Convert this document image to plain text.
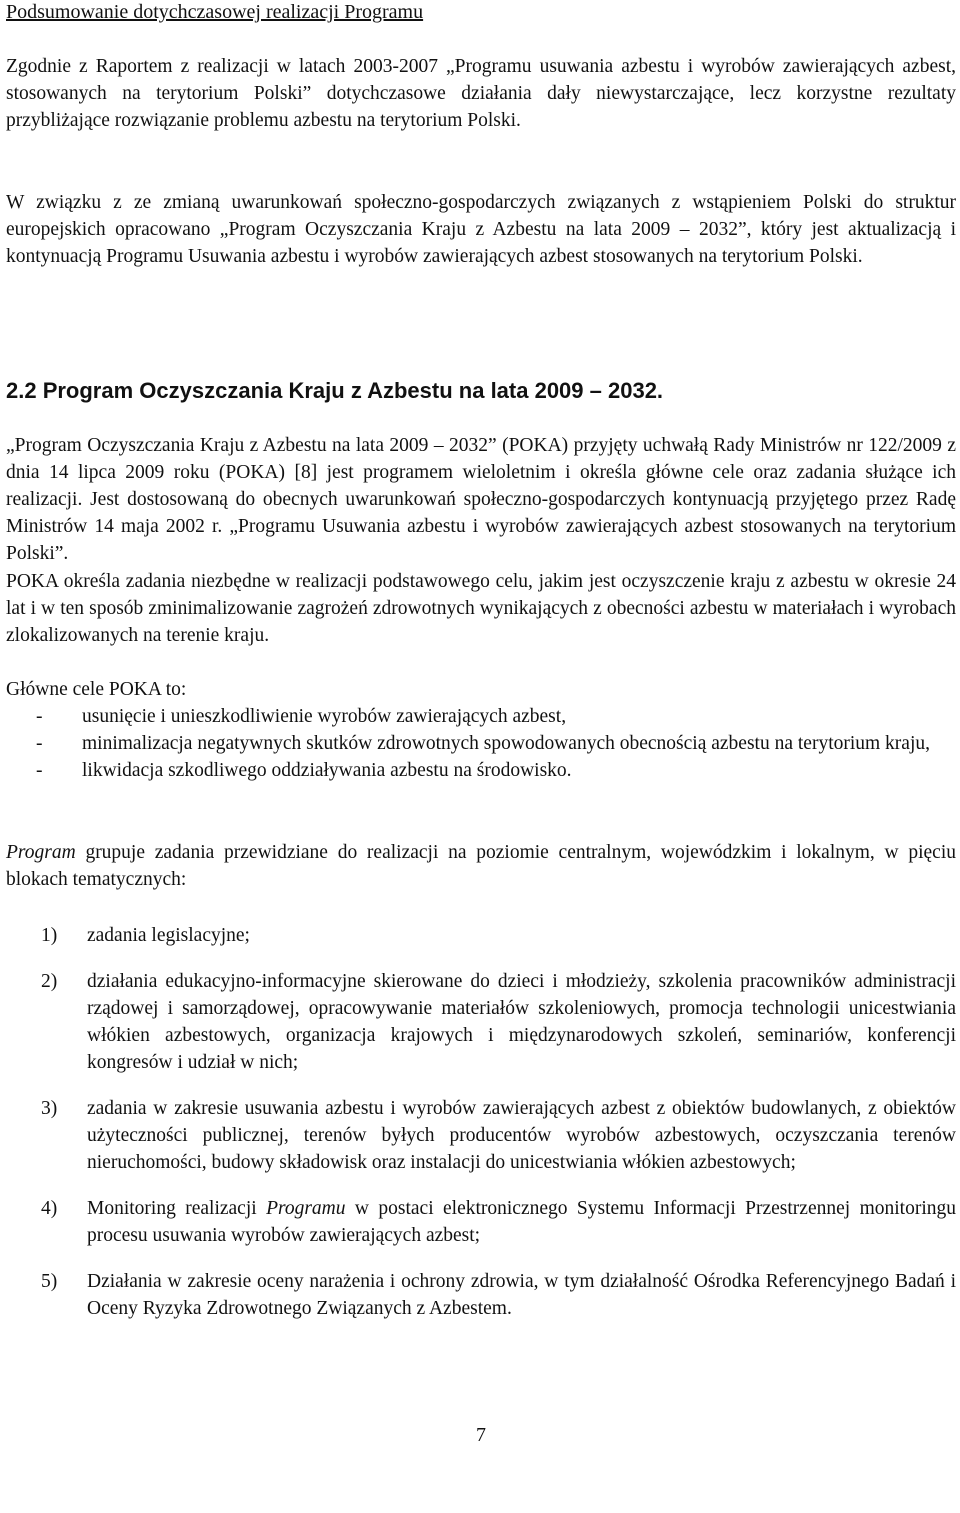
Podsumowanie dotychczasowej realizacji Programu

Zgodnie z Raportem z realizacji w latach 2003-2007 „Programu usuwania azbestu i wyrobów zawierających azbest, stosowanych na terytorium Polski” dotychczasowe działania dały niewystarczające, lecz korzystne rezultaty przybliżające rozwiązanie problemu azbestu na terytorium Polski.

W związku z ze zmianą uwarunkowań społeczno-gospodarczych związanych z wstąpieniem Polski do struktur europejskich opracowano „Program Oczyszczania Kraju z Azbestu na lata 2009 – 2032”, który jest aktualizacją i kontynuacją Programu Usuwania azbestu i wyrobów zawierających azbest stosowanych na terytorium Polski.

2.2 Program Oczyszczania Kraju z Azbestu na lata 2009 – 2032.

„Program Oczyszczania Kraju z Azbestu na lata 2009 – 2032” (POKA) przyjęty uchwałą Rady Ministrów nr 122/2009 z dnia 14 lipca 2009 roku (POKA) [8] jest programem wieloletnim i określa główne cele oraz zadania służące ich realizacji. Jest dostosowaną do obecnych uwarunkowań społeczno-gospodarczych kontynuacją przyjętego przez Radę Ministrów 14 maja 2002 r. „Programu Usuwania azbestu i wyrobów zawierających azbest stosowanych na terytorium Polski”.

POKA określa zadania niezbędne w realizacji podstawowego celu, jakim jest oczyszczenie kraju z azbestu w okresie 24 lat i w ten sposób zminimalizowanie zagrożeń zdrowotnych wynikających z obecności azbestu w materiałach i wyrobach zlokalizowanych na terenie kraju.

Główne cele POKA to:

- usunięcie i unieszkodliwienie wyrobów zawierających azbest,
- minimalizacja negatywnych skutków zdrowotnych spowodowanych obecnością azbestu na terytorium kraju,
- likwidacja szkodliwego oddziaływania azbestu na środowisko.

Program grupuje zadania przewidziane do realizacji na poziomie centralnym, wojewódzkim i lokalnym, w pięciu blokach tematycznych:

1) zadania legislacyjne;
2) działania edukacyjno-informacyjne skierowane do dzieci i młodzieży, szkolenia pracowników administracji rządowej i samorządowej, opracowywanie materiałów szkoleniowych, promocja technologii unicestwiania włókien azbestowych, organizacja krajowych i międzynarodowych szkoleń, seminariów, konferencji kongresów i udział w nich;
3) zadania w zakresie usuwania azbestu i wyrobów zawierających azbest z obiektów budowlanych, z obiektów użyteczności publicznej, terenów byłych producentów wyrobów azbestowych, oczyszczania terenów nieruchomości, budowy składowisk oraz instalacji do unicestwiania włókien azbestowych;
4) Monitoring realizacji Programu w postaci elektronicznego Systemu Informacji Przestrzennej monitoringu procesu usuwania wyrobów zawierających azbest;
5) Działania w zakresie oceny narażenia i ochrony zdrowia, w tym działalność Ośrodka Referencyjnego Badań i Oceny Ryzyka Zdrowotnego Związanych z Azbestem.
7
